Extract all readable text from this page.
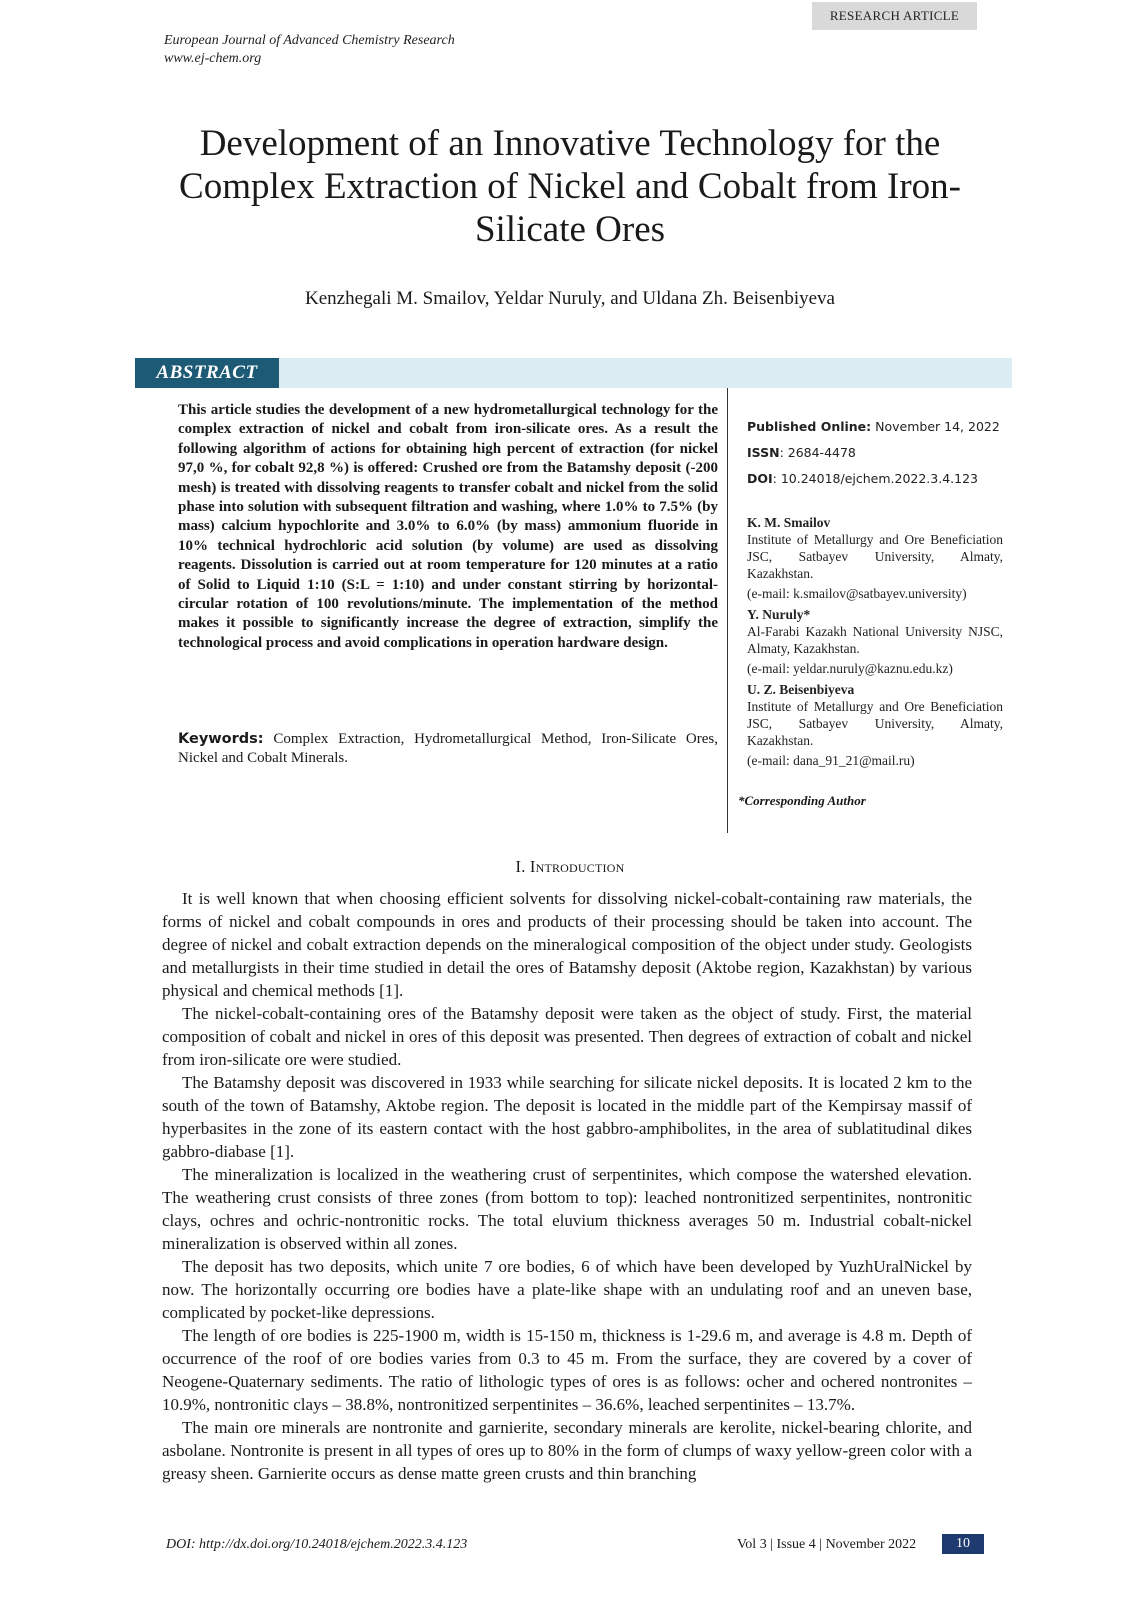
RESEARCH ARTICLE
European Journal of Advanced Chemistry Research
www.ej-chem.org
Development of an Innovative Technology for the Complex Extraction of Nickel and Cobalt from Iron-Silicate Ores
Kenzhegali M. Smailov, Yeldar Nuruly, and Uldana Zh. Beisenbiyeva
ABSTRACT
This article studies the development of a new hydrometallurgical technology for the complex extraction of nickel and cobalt from iron-silicate ores. As a result the following algorithm of actions for obtaining high percent of extraction (for nickel 97,0 %, for cobalt 92,8 %) is offered: Crushed ore from the Batamshy deposit (-200 mesh) is treated with dissolving reagents to transfer cobalt and nickel from the solid phase into solution with subsequent filtration and washing, where 1.0% to 7.5% (by mass) calcium hypochlorite and 3.0% to 6.0% (by mass) ammonium fluoride in 10% technical hydrochloric acid solution (by volume) are used as dissolving reagents. Dissolution is carried out at room temperature for 120 minutes at a ratio of Solid to Liquid 1:10 (S:L = 1:10) and under constant stirring by horizontal-circular rotation of 100 revolutions/minute. The implementation of the method makes it possible to significantly increase the degree of extraction, simplify the technological process and avoid complications in operation hardware design.
Keywords: Complex Extraction, Hydrometallurgical Method, Iron-Silicate Ores, Nickel and Cobalt Minerals.
Published Online: November 14, 2022
ISSN: 2684-4478
DOI: 10.24018/ejchem.2022.3.4.123
K. M. Smailov
Institute of Metallurgy and Ore Beneficiation JSC, Satbayev University, Almaty, Kazakhstan.
(e-mail: k.smailov@satbayev.university)
Y. Nuruly*
Al-Farabi Kazakh National University NJSC, Almaty, Kazakhstan.
(e-mail: yeldar.nuruly@kaznu.edu.kz)
U. Z. Beisenbiyeva
Institute of Metallurgy and Ore Beneficiation JSC, Satbayev University, Almaty, Kazakhstan.
(e-mail: dana_91_21@mail.ru)
*Corresponding Author
I. Introduction

It is well known that when choosing efficient solvents for dissolving nickel-cobalt-containing raw materials, the forms of nickel and cobalt compounds in ores and products of their processing should be taken into account. The degree of nickel and cobalt extraction depends on the mineralogical composition of the object under study. Geologists and metallurgists in their time studied in detail the ores of Batamshy deposit (Aktobe region, Kazakhstan) by various physical and chemical methods [1].

The nickel-cobalt-containing ores of the Batamshy deposit were taken as the object of study. First, the material composition of cobalt and nickel in ores of this deposit was presented. Then degrees of extraction of cobalt and nickel from iron-silicate ore were studied.

The Batamshy deposit was discovered in 1933 while searching for silicate nickel deposits. It is located 2 km to the south of the town of Batamshy, Aktobe region. The deposit is located in the middle part of the Kempirsay massif of hyperbasites in the zone of its eastern contact with the host gabbro-amphibolites, in the area of sublatitudinal dikes gabbro-diabase [1].

The mineralization is localized in the weathering crust of serpentinites, which compose the watershed elevation. The weathering crust consists of three zones (from bottom to top): leached nontronitized serpentinites, nontronitic clays, ochres and ochric-nontronitic rocks. The total eluvium thickness averages 50 m. Industrial cobalt-nickel mineralization is observed within all zones.

The deposit has two deposits, which unite 7 ore bodies, 6 of which have been developed by YuzhUralNickel by now. The horizontally occurring ore bodies have a plate-like shape with an undulating roof and an uneven base, complicated by pocket-like depressions.

The length of ore bodies is 225-1900 m, width is 15-150 m, thickness is 1-29.6 m, and average is 4.8 m. Depth of occurrence of the roof of ore bodies varies from 0.3 to 45 m. From the surface, they are covered by a cover of Neogene-Quaternary sediments. The ratio of lithologic types of ores is as follows: ocher and ochered nontronites – 10.9%, nontronitic clays – 38.8%, nontronitized serpentinites – 36.6%, leached serpentinites – 13.7%.

The main ore minerals are nontronite and garnierite, secondary minerals are kerolite, nickel-bearing chlorite, and asbolane. Nontronite is present in all types of ores up to 80% in the form of clumps of waxy yellow-green color with a greasy sheen. Garnierite occurs as dense matte green crusts and thin branching

DOI: http://dx.doi.org/10.24018/ejchem.2022.3.4.123	Vol 3 | Issue 4 | November 2022	10
